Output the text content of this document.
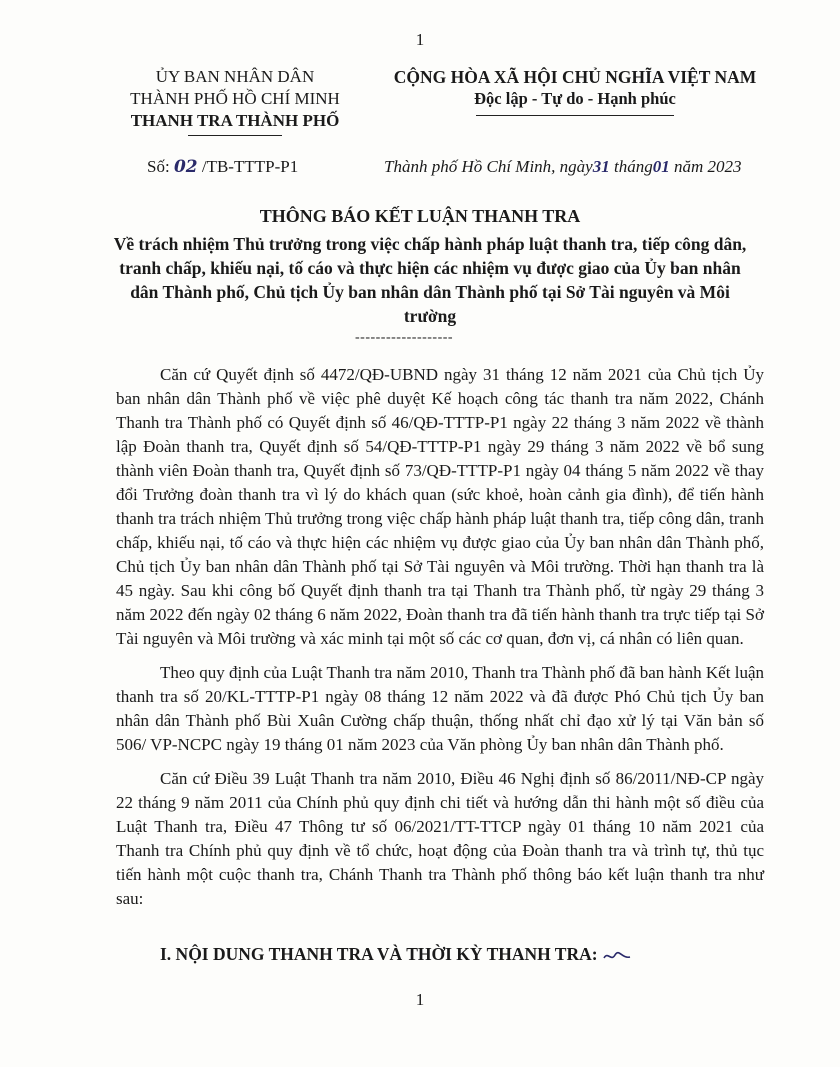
1
ỦY BAN NHÂN DÂN
THÀNH PHỐ HỒ CHÍ MINH
THANH TRA THÀNH PHỐ
CỘNG HÒA XÃ HỘI CHỦ NGHĨA VIỆT NAM
Độc lập - Tự do - Hạnh phúc
Số: 02 /TB-TTTP-P1	Thành phố Hồ Chí Minh, ngày31 tháng01 năm 2023
THÔNG BÁO KẾT LUẬN THANH TRA
Về trách nhiệm Thủ trưởng trong việc chấp hành pháp luật thanh tra, tiếp công dân, tranh chấp, khiếu nại, tố cáo và thực hiện các nhiệm vụ được giao của Ủy ban nhân dân Thành phố, Chủ tịch Ủy ban nhân dân Thành phố tại Sở Tài nguyên và Môi trường
-------------------

Căn cứ Quyết định số 4472/QĐ-UBND ngày 31 tháng 12 năm 2021 của Chủ tịch Ủy ban nhân dân Thành phố về việc phê duyệt Kế hoạch công tác thanh tra năm 2022, Chánh Thanh tra Thành phố có Quyết định số 46/QĐ-TTTP-P1 ngày 22 tháng 3 năm 2022 về thành lập Đoàn thanh tra, Quyết định số 54/QĐ-TTTP-P1 ngày 29 tháng 3 năm 2022 về bổ sung thành viên Đoàn thanh tra, Quyết định số 73/QĐ-TTTP-P1 ngày 04 tháng 5 năm 2022 về thay đổi Trưởng đoàn thanh tra vì lý do khách quan (sức khoẻ, hoàn cảnh gia đình), để tiến hành thanh tra trách nhiệm Thủ trưởng trong việc chấp hành pháp luật thanh tra, tiếp công dân, tranh chấp, khiếu nại, tố cáo và thực hiện các nhiệm vụ được giao của Ủy ban nhân dân Thành phố, Chủ tịch Ủy ban nhân dân Thành phố tại Sở Tài nguyên và Môi trường. Thời hạn thanh tra là 45 ngày. Sau khi công bố Quyết định thanh tra tại Thanh tra Thành phố, từ ngày 29 tháng 3 năm 2022 đến ngày 02 tháng 6 năm 2022, Đoàn thanh tra đã tiến hành thanh tra trực tiếp tại Sở Tài nguyên và Môi trường và xác minh tại một số các cơ quan, đơn vị, cá nhân có liên quan.

Theo quy định của Luật Thanh tra năm 2010, Thanh tra Thành phố đã ban hành Kết luận thanh tra số 20/KL-TTTP-P1 ngày 08 tháng 12 năm 2022 và đã được Phó Chủ tịch Ủy ban nhân dân Thành phố Bùi Xuân Cường chấp thuận, thống nhất chỉ đạo xử lý tại Văn bản số 506/ VP-NCPC ngày 19 tháng 01 năm 2023 của Văn phòng Ủy ban nhân dân Thành phố.

Căn cứ Điều 39 Luật Thanh tra năm 2010, Điều 46 Nghị định số 86/2011/NĐ-CP ngày 22 tháng 9 năm 2011 của Chính phủ quy định chi tiết và hướng dẫn thi hành một số điều của Luật Thanh tra, Điều 47 Thông tư số 06/2021/TT-TTCP ngày 01 tháng 10 năm 2021 của Thanh tra Chính phủ quy định về tổ chức, hoạt động của Đoàn thanh tra và trình tự, thủ tục tiến hành một cuộc thanh tra, Chánh Thanh tra Thành phố thông báo kết luận thanh tra như sau:

I. NỘI DUNG THANH TRA VÀ THỜI KỲ THANH TRA:
1
